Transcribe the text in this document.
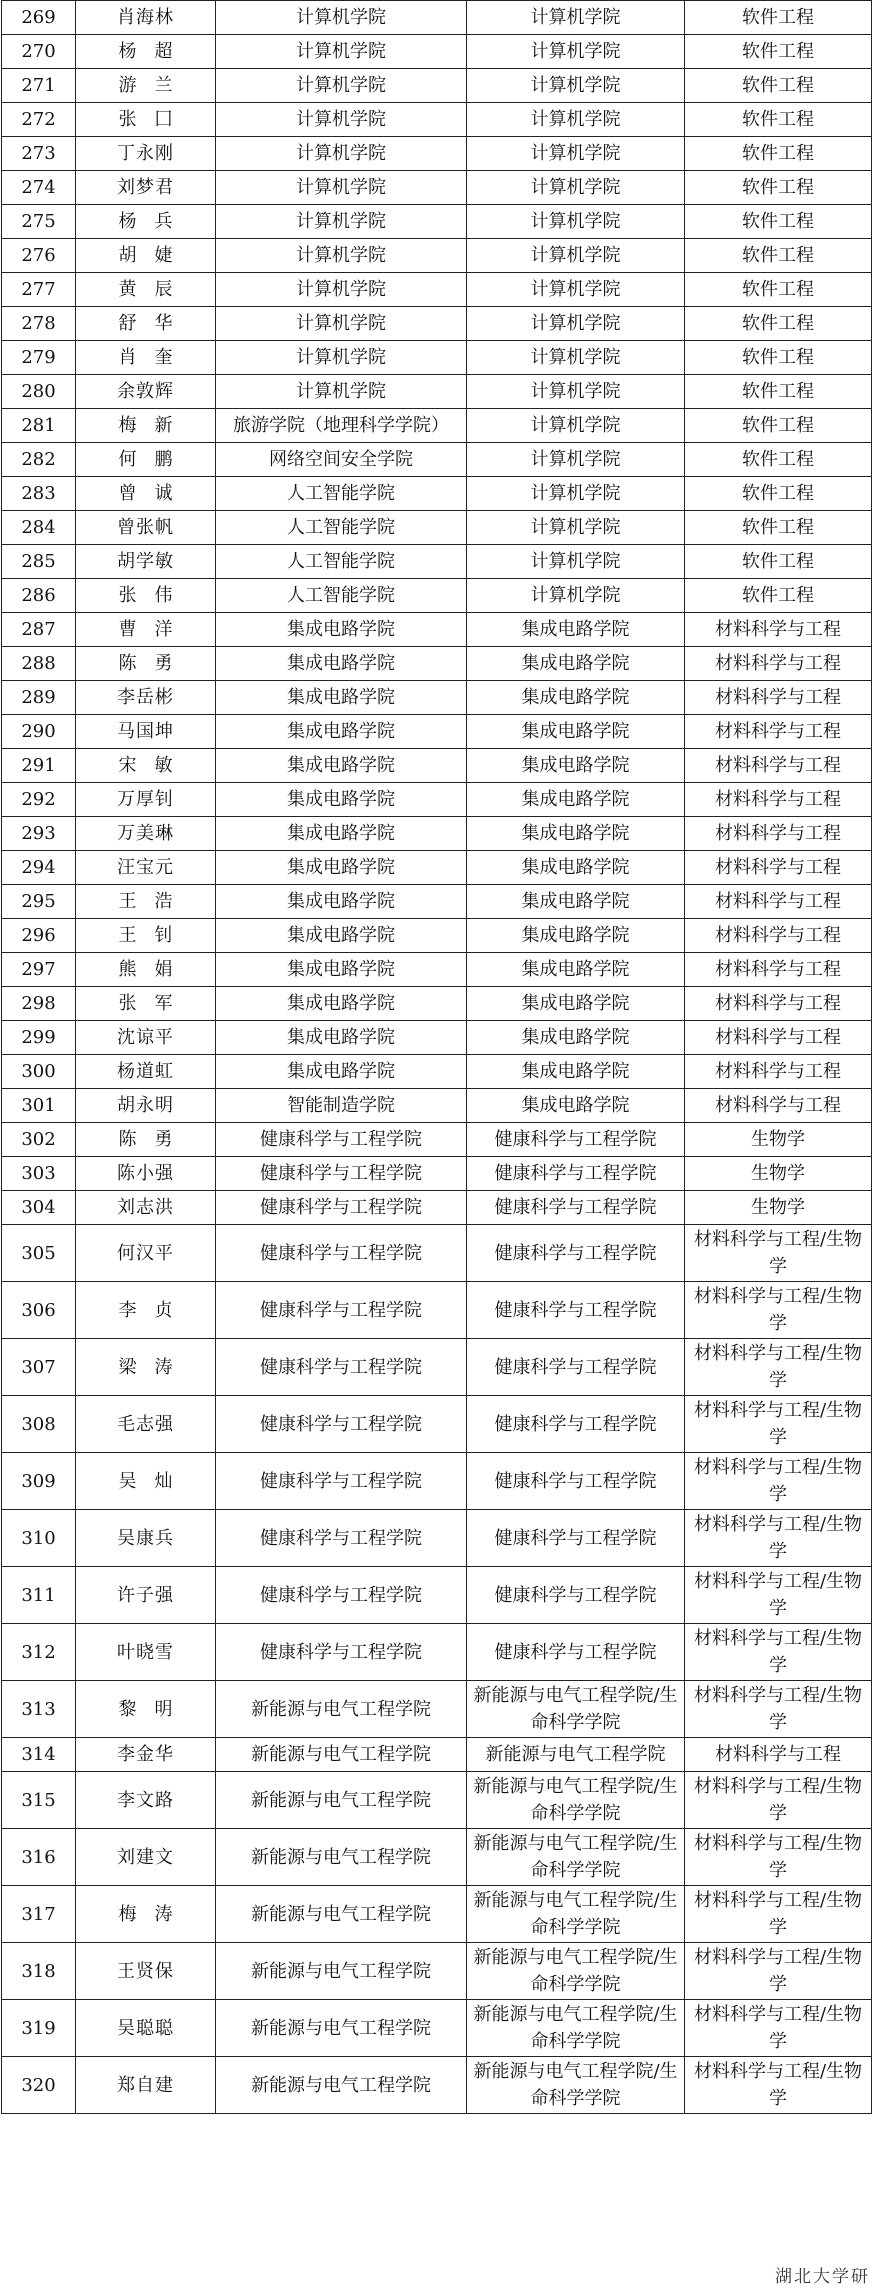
269	肖海林	计算机学院	计算机学院	软件工程
270	杨超	计算机学院	计算机学院	软件工程
271	游兰	计算机学院	计算机学院	软件工程
272	张囗	计算机学院	计算机学院	软件工程
273	丁永刚	计算机学院	计算机学院	软件工程
274	刘梦君	计算机学院	计算机学院	软件工程
275	杨兵	计算机学院	计算机学院	软件工程
276	胡婕	计算机学院	计算机学院	软件工程
277	黄辰	计算机学院	计算机学院	软件工程
278	舒华	计算机学院	计算机学院	软件工程
279	肖奎	计算机学院	计算机学院	软件工程
280	余敦辉	计算机学院	计算机学院	软件工程
281	梅新	旅游学院（地理科学学院）	计算机学院	软件工程
282	何鹏	网络空间安全学院	计算机学院	软件工程
283	曾诚	人工智能学院	计算机学院	软件工程
284	曾张帆	人工智能学院	计算机学院	软件工程
285	胡学敏	人工智能学院	计算机学院	软件工程
286	张伟	人工智能学院	计算机学院	软件工程
287	曹洋	集成电路学院	集成电路学院	材料科学与工程
288	陈勇	集成电路学院	集成电路学院	材料科学与工程
289	李岳彬	集成电路学院	集成电路学院	材料科学与工程
290	马国坤	集成电路学院	集成电路学院	材料科学与工程
291	宋敏	集成电路学院	集成电路学院	材料科学与工程
292	万厚钊	集成电路学院	集成电路学院	材料科学与工程
293	万美琳	集成电路学院	集成电路学院	材料科学与工程
294	汪宝元	集成电路学院	集成电路学院	材料科学与工程
295	王浩	集成电路学院	集成电路学院	材料科学与工程
296	王钊	集成电路学院	集成电路学院	材料科学与工程
297	熊娟	集成电路学院	集成电路学院	材料科学与工程
298	张军	集成电路学院	集成电路学院	材料科学与工程
299	沈谅平	集成电路学院	集成电路学院	材料科学与工程
300	杨道虹	集成电路学院	集成电路学院	材料科学与工程
301	胡永明	智能制造学院	集成电路学院	材料科学与工程
302	陈勇	健康科学与工程学院	健康科学与工程学院	生物学
303	陈小强	健康科学与工程学院	健康科学与工程学院	生物学
304	刘志洪	健康科学与工程学院	健康科学与工程学院	生物学
305	何汉平	健康科学与工程学院	健康科学与工程学院	材料科学与工程/生物学
306	李贞	健康科学与工程学院	健康科学与工程学院	材料科学与工程/生物学
307	梁涛	健康科学与工程学院	健康科学与工程学院	材料科学与工程/生物学
308	毛志强	健康科学与工程学院	健康科学与工程学院	材料科学与工程/生物学
309	吴灿	健康科学与工程学院	健康科学与工程学院	材料科学与工程/生物学
310	吴康兵	健康科学与工程学院	健康科学与工程学院	材料科学与工程/生物学
311	许子强	健康科学与工程学院	健康科学与工程学院	材料科学与工程/生物学
312	叶晓雪	健康科学与工程学院	健康科学与工程学院	材料科学与工程/生物学
313	黎明	新能源与电气工程学院	新能源与电气工程学院/生命科学学院	材料科学与工程/生物学
314	李金华	新能源与电气工程学院	新能源与电气工程学院	材料科学与工程
315	李文路	新能源与电气工程学院	新能源与电气工程学院/生命科学学院	材料科学与工程/生物学
316	刘建文	新能源与电气工程学院	新能源与电气工程学院/生命科学学院	材料科学与工程/生物学
317	梅涛	新能源与电气工程学院	新能源与电气工程学院/生命科学学院	材料科学与工程/生物学
318	王贤保	新能源与电气工程学院	新能源与电气工程学院/生命科学学院	材料科学与工程/生物学
319	吴聪聪	新能源与电气工程学院	新能源与电气工程学院/生命科学学院	材料科学与工程/生物学
320	郑自建	新能源与电气工程学院	新能源与电气工程学院/生命科学学院	材料科学与工程/生物学
湖北大学研
